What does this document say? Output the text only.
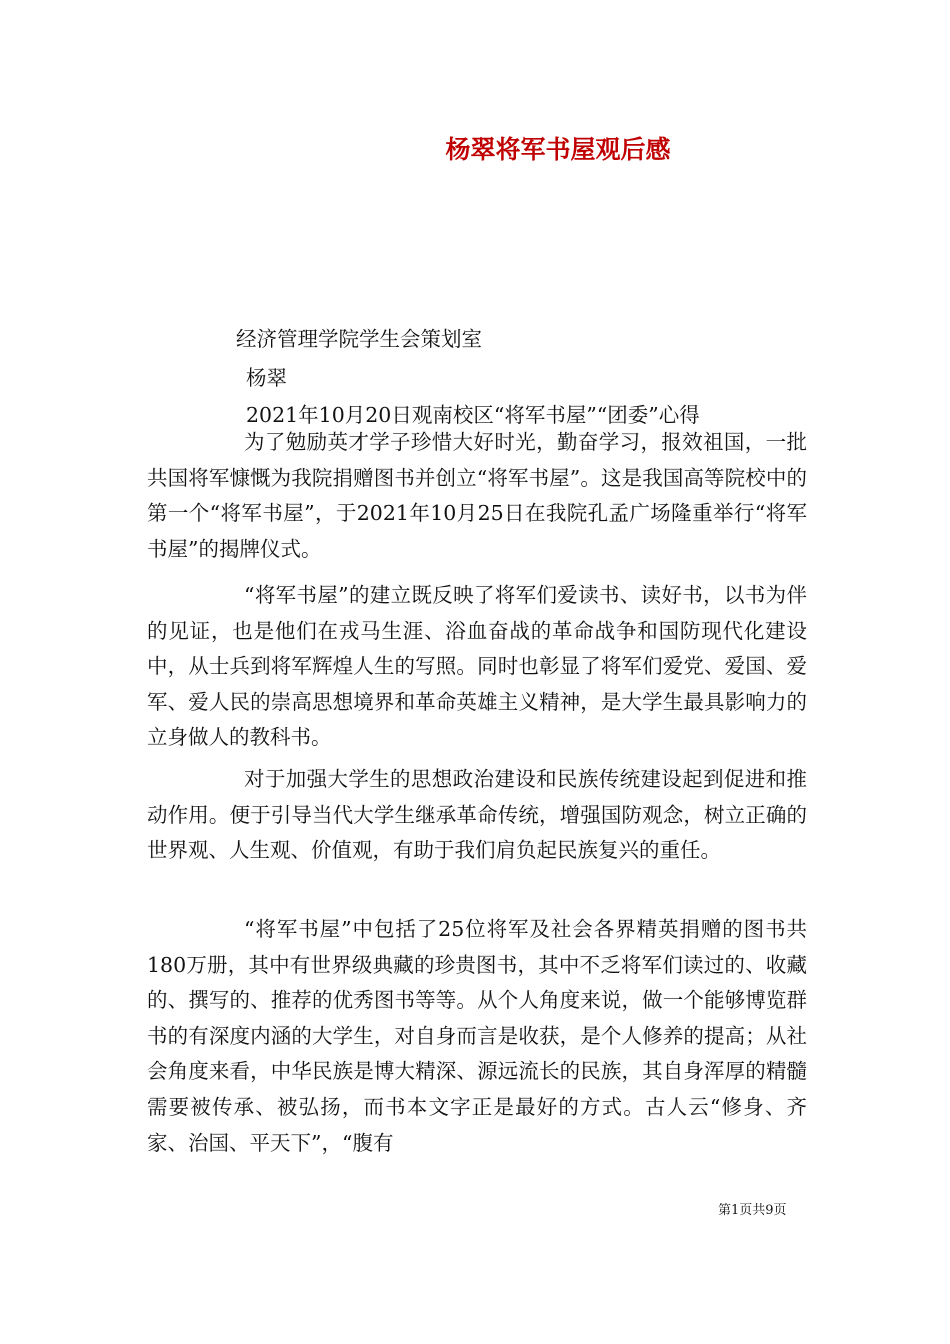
杨翠将军书屋观后感
经济管理学院学生会策划室
杨翠
2021年10月20日观南校区“将军书屋”“团委”心得

为了勉励英才学子珍惜大好时光，勤奋学习，报效祖国，一批共国将军慷慨为我院捐赠图书并创立“将军书屋”。这是我国高等院校中的第一个“将军书屋”，于2021年10月25日在我院孔孟广场隆重举行“将军书屋”的揭牌仪式。

“将军书屋”的建立既反映了将军们爱读书、读好书，以书为伴的见证，也是他们在戎马生涯、浴血奋战的革命战争和国防现代化建设中，从士兵到将军辉煌人生的写照。同时也彰显了将军们爱党、爱国、爱军、爱人民的崇高思想境界和革命英雄主义精神，是大学生最具影响力的立身做人的教科书。

对于加强大学生的思想政治建设和民族传统建设起到促进和推动作用。便于引导当代大学生继承革命传统，增强国防观念，树立正确的世界观、人生观、价值观，有助于我们肩负起民族复兴的重任。

“将军书屋”中包括了25位将军及社会各界精英捐赠的图书共180万册，其中有世界级典藏的珍贵图书，其中不乏将军们读过的、收藏的、撰写的、推荐的优秀图书等等。从个人角度来说，做一个能够博览群书的有深度内涵的大学生，对自身而言是收获，是个人修养的提高；从社会角度来看，中华民族是博大精深、源远流长的民族，其自身浑厚的精髓需要被传承、被弘扬，而书本文字正是最好的方式。古人云“修身、齐家、治国、平天下”，“腹有

第1页共9页
